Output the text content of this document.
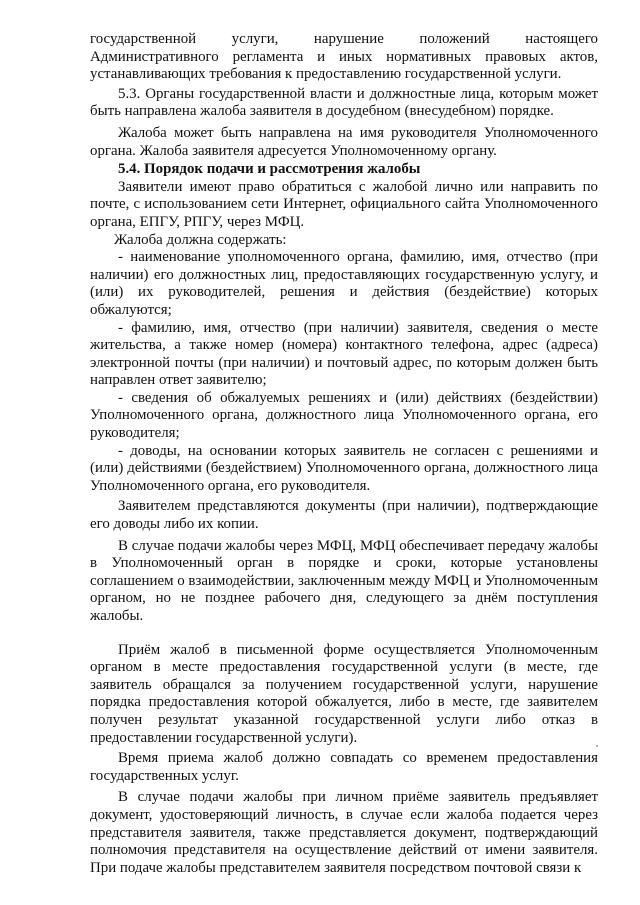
государственной услуги, нарушение положений настоящего Административного регламента и иных нормативных правовых актов, устанавливающих требования к предоставлению государственной услуги.

5.3. Органы государственной власти и должностные лица, которым может быть направлена жалоба заявителя в досудебном (внесудебном) порядке.

Жалоба может быть направлена на имя руководителя Уполномоченного органа. Жалоба заявителя адресуется Уполномоченному органу.

5.4. Порядок подачи и рассмотрения жалобы

Заявители имеют право обратиться с жалобой лично или направить по почте, с использованием сети Интернет, официального сайта Уполномоченного органа, ЕПГУ, РПГУ, через МФЦ.

Жалоба должна содержать:

- наименование уполномоченного органа, фамилию, имя, отчество (при наличии) его должностных лиц, предоставляющих государственную услугу, и (или) их руководителей, решения и действия (бездействие) которых обжалуются;

- фамилию, имя, отчество (при наличии) заявителя, сведения о месте жительства, а также номер (номера) контактного телефона, адрес (адреса) электронной почты (при наличии) и почтовый адрес, по которым должен быть направлен ответ заявителю;

- сведения об обжалуемых решениях и (или) действиях (бездействии) Уполномоченного органа, должностного лица Уполномоченного органа, его руководителя;

- доводы, на основании которых заявитель не согласен с решениями и (или) действиями (бездействием) Уполномоченного органа, должностного лица Уполномоченного органа, его руководителя.

Заявителем представляются документы (при наличии), подтверждающие его доводы либо их копии.

В случае подачи жалобы через МФЦ, МФЦ обеспечивает передачу жалобы в Уполномоченный орган в порядке и сроки, которые установлены соглашением о взаимодействии, заключенным между МФЦ и Уполномоченным органом, но не позднее рабочего дня, следующего за днём поступления жалобы.

Приём жалоб в письменной форме осуществляется Уполномоченным органом в месте предоставления государственной услуги (в месте, где заявитель обращался за получением государственной услуги, нарушение порядка предоставления которой обжалуется, либо в месте, где заявителем получен результат указанной государственной услуги либо отказ в предоставлении государственной услуги).

Время приема жалоб должно совпадать со временем предоставления государственных услуг.

В случае подачи жалобы при личном приёме заявитель предъявляет документ, удостоверяющий личность, в случае если жалоба подается через представителя заявителя, также представляется документ, подтверждающий полномочия представителя на осуществление действий от имени заявителя. При подаче жалобы представителем заявителя посредством почтовой связи к
